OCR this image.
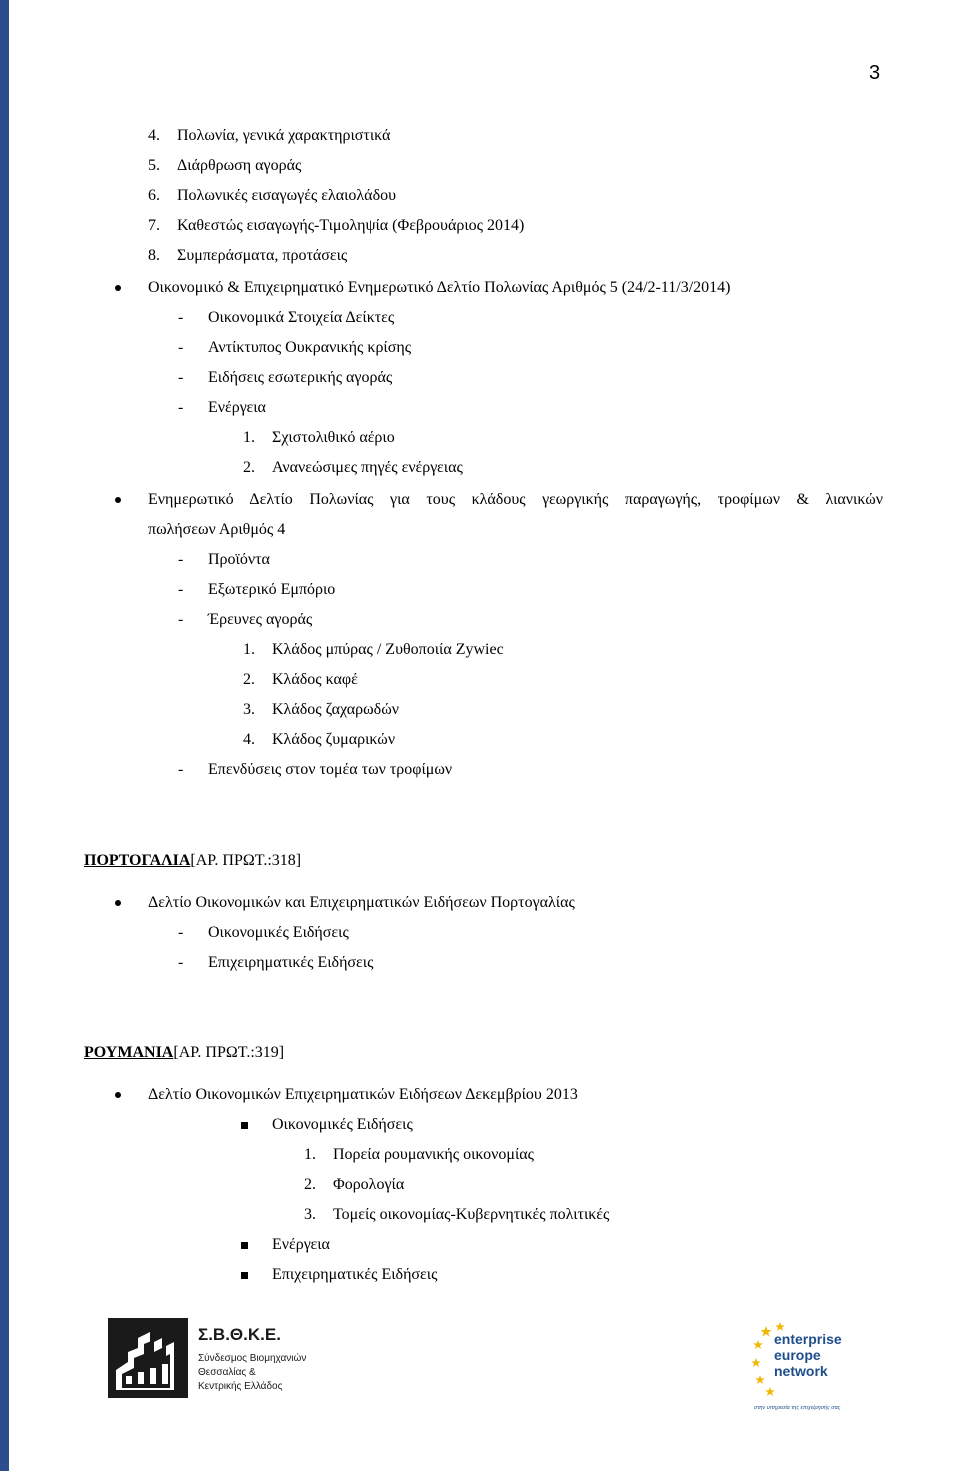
3
4. Πολωνία, γενικά χαρακτηριστικά
5. Διάρθρωση αγοράς
6. Πολωνικές εισαγωγές ελαιολάδου
7. Καθεστώς εισαγωγής-Τιμοληψία (Φεβρουάριος 2014)
8. Συμπεράσματα, προτάσεις
Οικονομικό & Επιχειρηματικό Ενημερωτικό Δελτίο Πολωνίας Αριθμός 5 (24/2-11/3/2014)
- Οικονομικά Στοιχεία Δείκτες
- Αντίκτυπος Ουκρανικής κρίσης
- Ειδήσεις εσωτερικής αγοράς
- Ενέργεια
1. Σχιστολιθικό αέριο
2. Ανανεώσιμες πηγές ενέργειας
Ενημερωτικό Δελτίο Πολωνίας για τους κλάδους γεωργικής παραγωγής, τροφίμων & λιανικών
πωλήσεων Αριθμός 4
- Προϊόντα
- Εξωτερικό Εμπόριο
- Έρευνες αγοράς
1. Κλάδος μπύρας / Ζυθοποιία Zywiec
2. Κλάδος καφέ
3. Κλάδος ζαχαρωδών
4. Κλάδος ζυμαρικών
- Επενδύσεις στον τομέα των τροφίμων
ΠΟΡΤΟΓΑΛΙΑ[ΑΡ. ΠΡΩΤ.:318]
Δελτίο Οικονομικών και Επιχειρηματικών Ειδήσεων Πορτογαλίας
- Οικονομικές Ειδήσεις
- Επιχειρηματικές Ειδήσεις
ΡΟΥΜΑΝΙΑ[ΑΡ. ΠΡΩΤ.:319]
Δελτίο Οικονομικών Επιχειρηματικών Ειδήσεων Δεκεμβρίου 2013
Οικονομικές Ειδήσεις
1. Πορεία ρουμανικής οικονομίας
2. Φορολογία
3. Τομείς οικονομίας-Κυβερνητικές πολιτικές
Ενέργεια
Επιχειρηματικές Ειδήσεις
Σ.Β.Θ.Κ.Ε.
Σύνδεσμος Βιομηχανιών
Θεσσαλίας &
Κεντρικής Ελλάδος
enterprise
europe
network
στην υπηρεσία της επιχείρησής σας
